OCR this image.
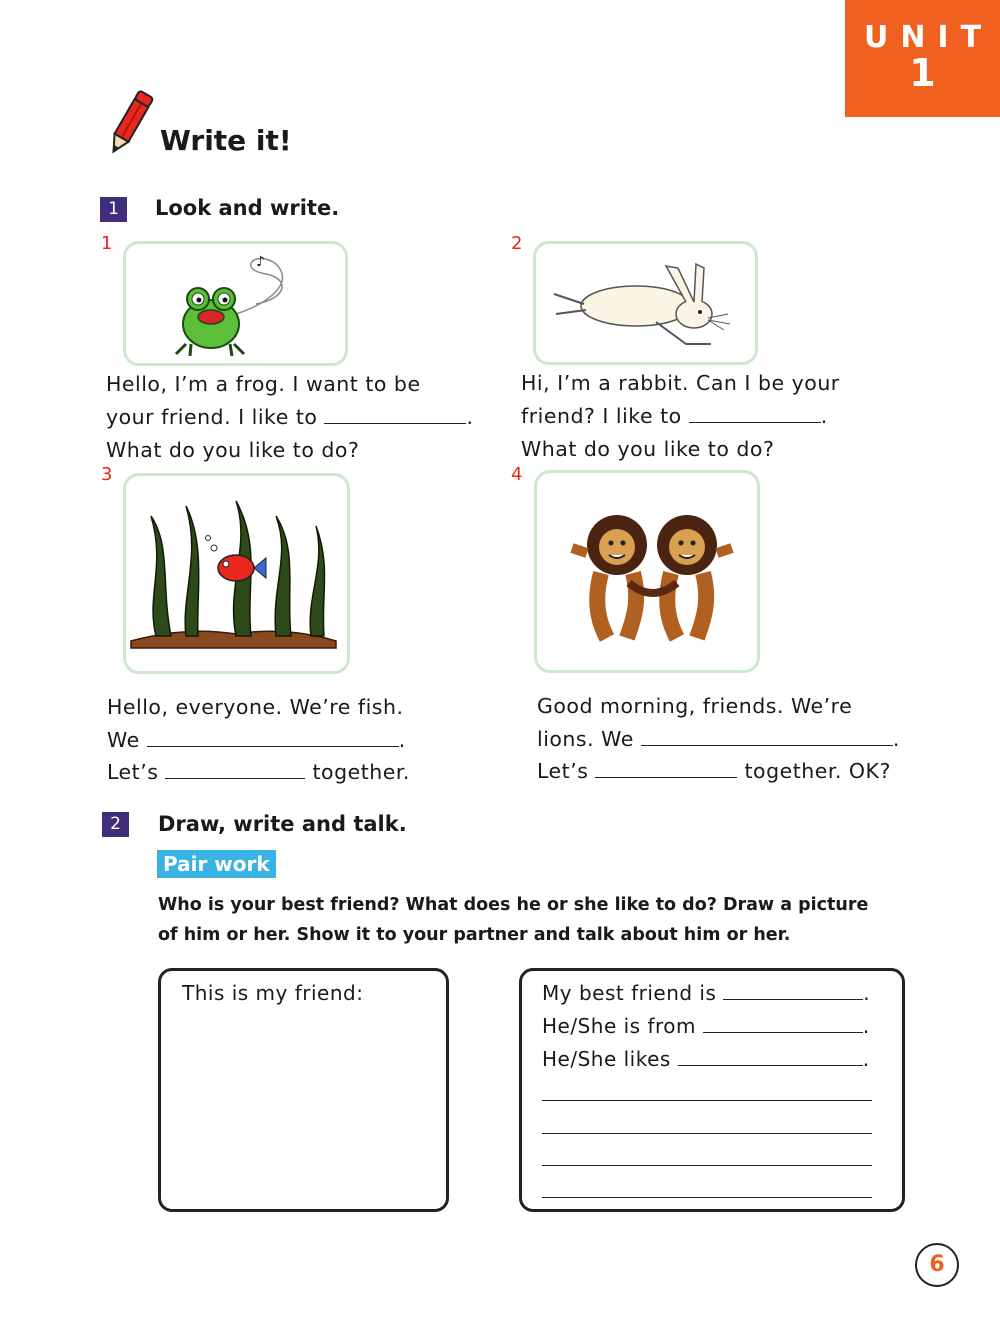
UNIT
1
Write it!
1	Look and write.
1
♪
Hello, I’m a frog. I want to be
your friend. I like to	.
What do you like to do?
2
Hi, I’m a rabbit. Can I be your
friend? I like to	.
What do you like to do?
3
Hello, everyone. We’re fish.
We	.
Let’s	together.
4
Good morning, friends. We’re
lions. We	.
Let’s	together. OK?
2	Draw, write and talk.
Pair work
Who is your best friend? What does he or she like to do? Draw a picture
of him or her. Show it to your partner and talk about him or her.
This is my friend:	My best friend is	.
He/She is from	.
He/She likes	.
6
